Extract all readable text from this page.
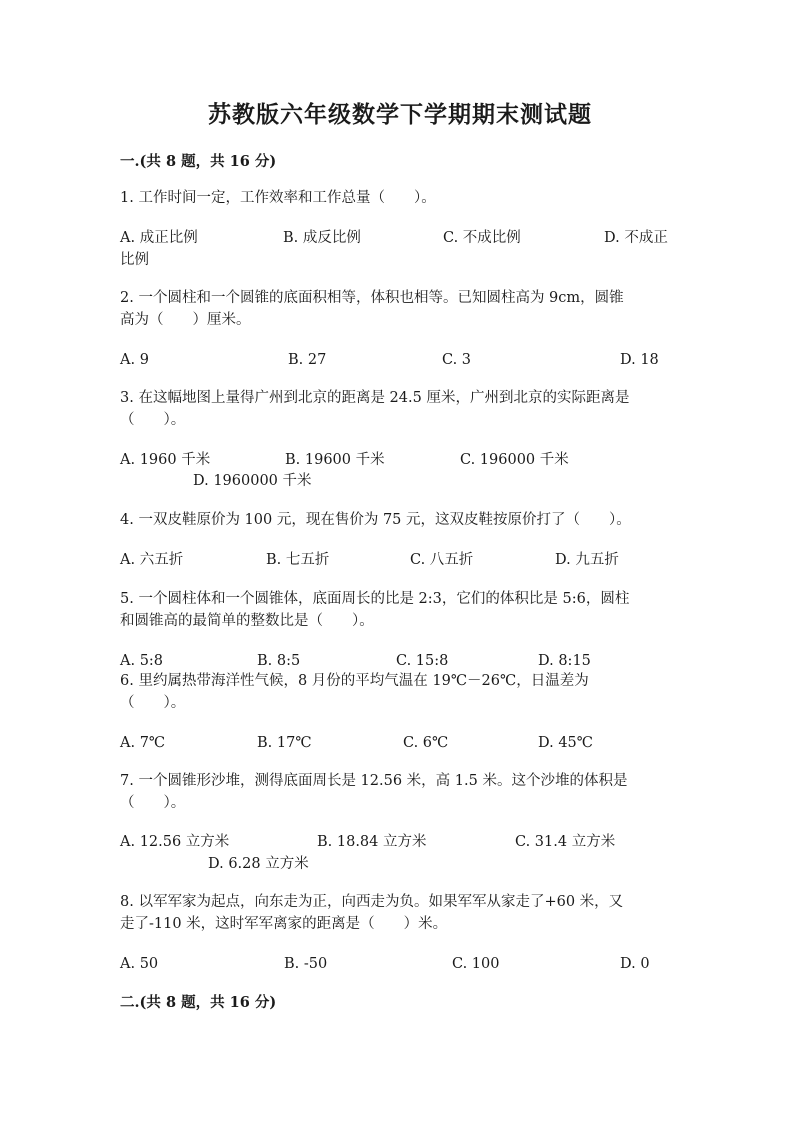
苏教版六年级数学下学期期末测试题
一.(共 8 题，共 16 分)
1. 工作时间一定，工作效率和工作总量（　　）。
A. 成正比例	B. 成反比例	C. 不成比例	D. 不成正
比例
2. 一个圆柱和一个圆锥的底面积相等，体积也相等。已知圆柱高为 9cm，圆锥
高为（　　）厘米。
A. 9	B. 27	C. 3	D. 18
3. 在这幅地图上量得广州到北京的距离是 24.5 厘米，广州到北京的实际距离是
（　　）。
A. 1960 千米	B. 19600 千米	C. 196000 千米
D. 1960000 千米
4. 一双皮鞋原价为 100 元，现在售价为 75 元，这双皮鞋按原价打了（　　）。
A. 六五折	B. 七五折	C. 八五折	D. 九五折
5. 一个圆柱体和一个圆锥体，底面周长的比是 2:3，它们的体积比是 5:6，圆柱
和圆锥高的最简单的整数比是（　　）。
A. 5:8	B. 8:5	C. 15:8	D. 8:15
6. 里约属热带海洋性气候，8 月份的平均气温在 19℃－26℃，日温差为
（　　）。
A. 7℃	B. 17℃	C. 6℃	D. 45℃
7. 一个圆锥形沙堆，测得底面周长是 12.56 米，高 1.5 米。这个沙堆的体积是
（　　）。
A. 12.56 立方米	B. 18.84 立方米	C. 31.4 立方米
D. 6.28 立方米
8. 以军军家为起点，向东走为正，向西走为负。如果军军从家走了+60 米，又
走了-110 米，这时军军离家的距离是（　　）米。
A. 50	B. -50	C. 100	D. 0
二.(共 8 题，共 16 分)
